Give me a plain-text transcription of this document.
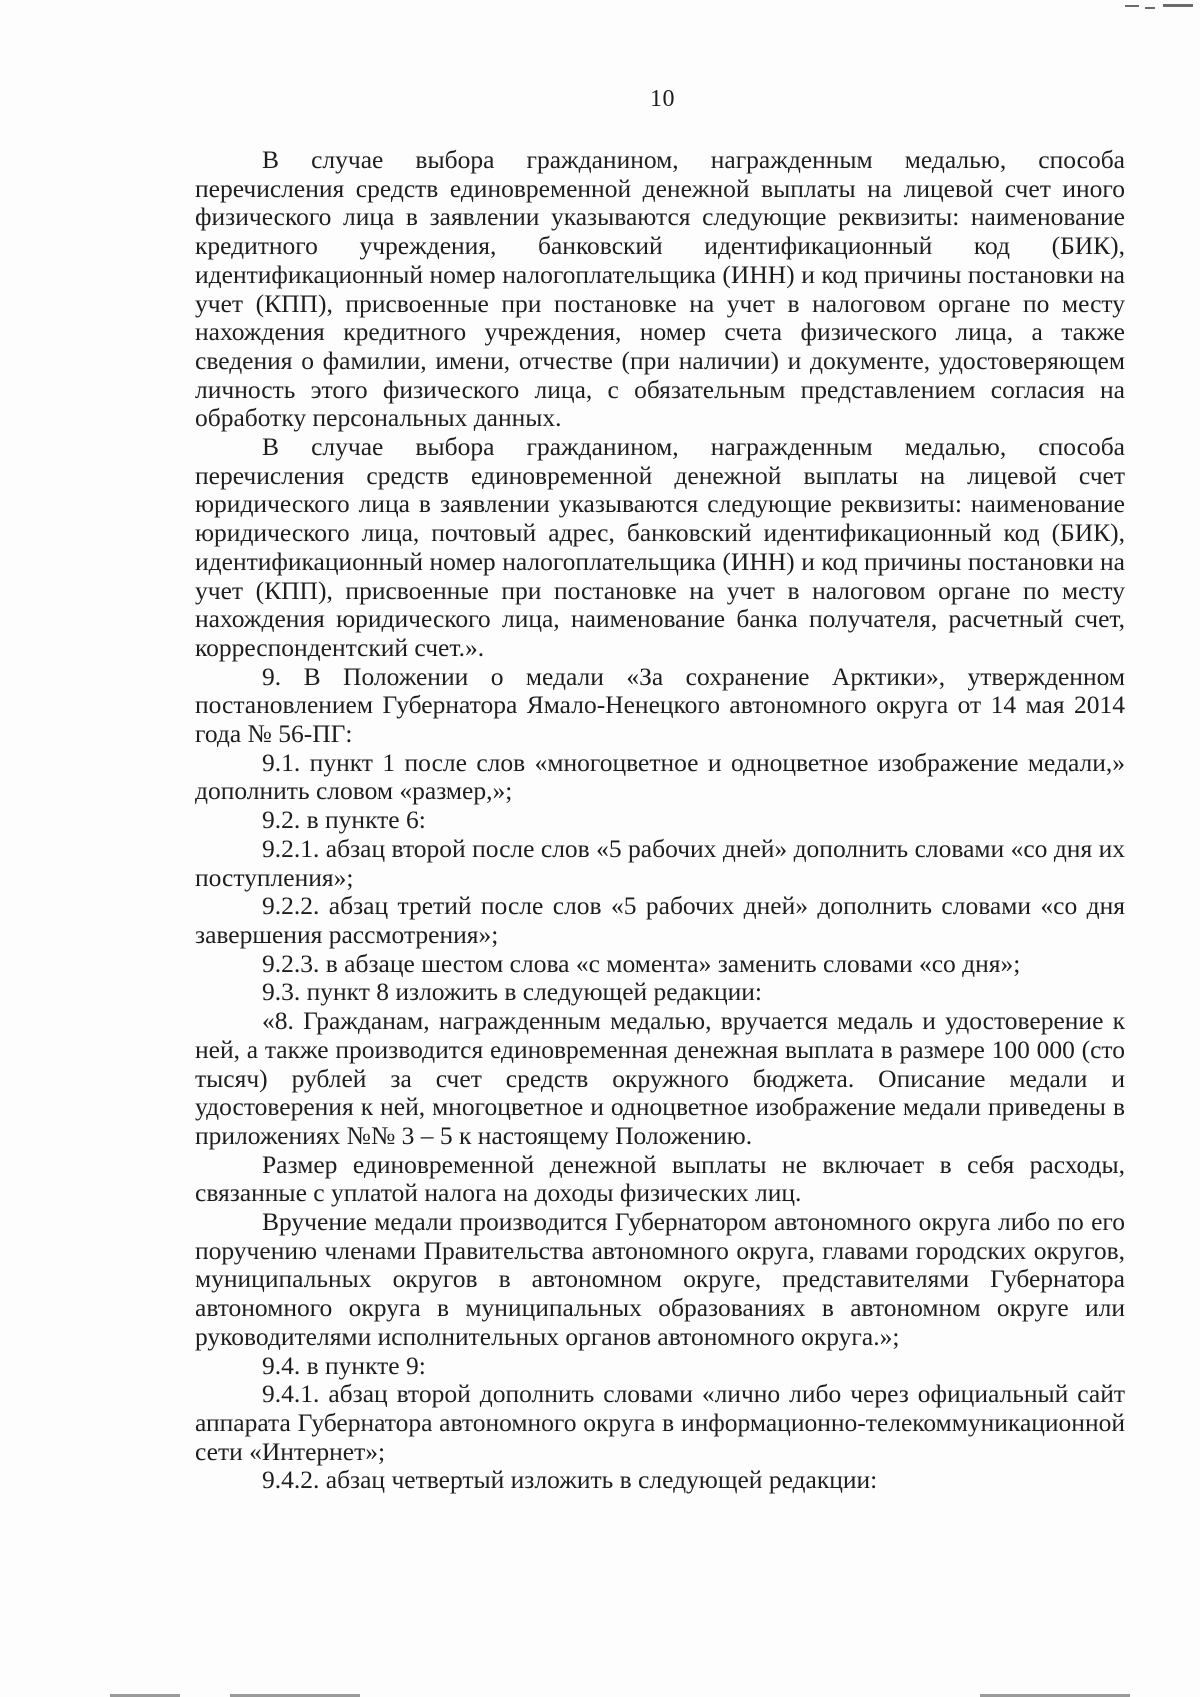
10

В случае выбора гражданином, награжденным медалью, способа перечисления средств единовременной денежной выплаты на лицевой счет иного физического лица в заявлении указываются следующие реквизиты: наименование кредитного учреждения, банковский идентификационный код (БИК), идентификационный номер налогоплательщика (ИНН) и код причины постановки на учет (КПП), присвоенные при постановке на учет в налоговом органе по месту нахождения кредитного учреждения, номер счета физического лица, а также сведения о фамилии, имени, отчестве (при наличии) и документе, удостоверяющем личность этого физического лица, с обязательным представлением согласия на обработку персональных данных.

В случае выбора гражданином, награжденным медалью, способа перечисления средств единовременной денежной выплаты на лицевой счет юридического лица в заявлении указываются следующие реквизиты: наименование юридического лица, почтовый адрес, банковский идентификационный код (БИК), идентификационный номер налогоплательщика (ИНН) и код причины постановки на учет (КПП), присвоенные при постановке на учет в налоговом органе по месту нахождения юридического лица, наименование банка получателя, расчетный счет, корреспондентский счет.».

9. В Положении о медали «За сохранение Арктики», утвержденном постановлением Губернатора Ямало-Ненецкого автономного округа от 14 мая 2014 года № 56-ПГ:

9.1. пункт 1 после слов «многоцветное и одноцветное изображение медали,» дополнить словом «размер,»;

9.2. в пункте 6:

9.2.1. абзац второй после слов «5 рабочих дней» дополнить словами «со дня их поступления»;

9.2.2. абзац третий после слов «5 рабочих дней» дополнить словами «со дня завершения рассмотрения»;

9.2.3. в абзаце шестом слова «с момента» заменить словами «со дня»;

9.3. пункт 8 изложить в следующей редакции:

«8. Гражданам, награжденным медалью, вручается медаль и удостоверение к ней, а также производится единовременная денежная выплата в размере 100 000 (сто тысяч) рублей за счет средств окружного бюджета. Описание медали и удостоверения к ней, многоцветное и одноцветное изображение медали приведены в приложениях №№ 3 – 5 к настоящему Положению.

Размер единовременной денежной выплаты не включает в себя расходы, связанные с уплатой налога на доходы физических лиц.

Вручение медали производится Губернатором автономного округа либо по его поручению членами Правительства автономного округа, главами городских округов, муниципальных округов в автономном округе, представителями Губернатора автономного округа в муниципальных образованиях в автономном округе или руководителями исполнительных органов автономного округа.»;

9.4. в пункте 9:

9.4.1. абзац второй дополнить словами «лично либо через официальный сайт аппарата Губернатора автономного округа в информационно-телекоммуникационной сети «Интернет»;

9.4.2. абзац четвертый изложить в следующей редакции:
